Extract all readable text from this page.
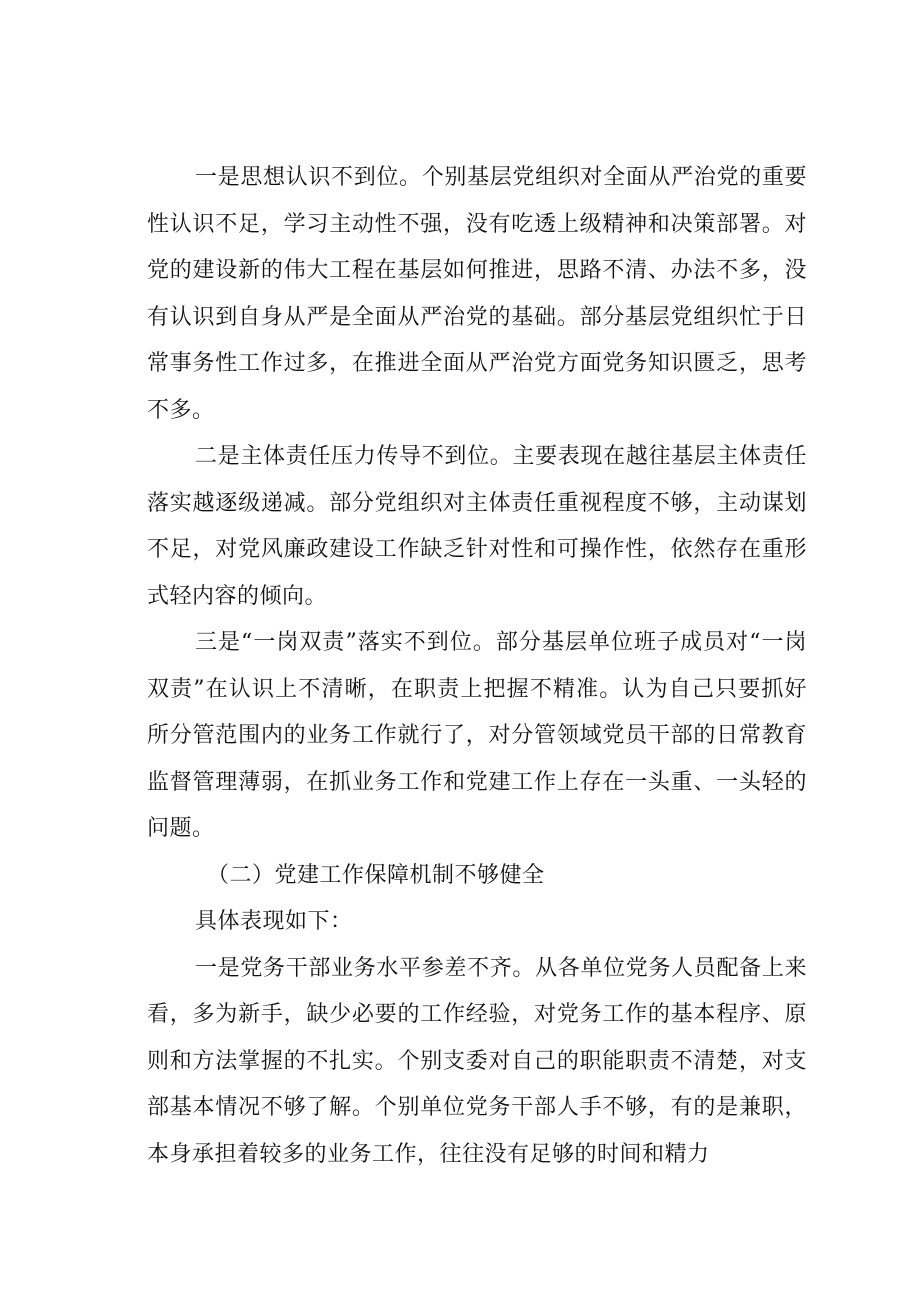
一是思想认识不到位。个别基层党组织对全面从严治党的重要性认识不足，学习主动性不强，没有吃透上级精神和决策部署。对党的建设新的伟大工程在基层如何推进，思路不清、办法不多，没有认识到自身从严是全面从严治党的基础。部分基层党组织忙于日常事务性工作过多，在推进全面从严治党方面党务知识匮乏，思考不多。

二是主体责任压力传导不到位。主要表现在越往基层主体责任落实越逐级递减。部分党组织对主体责任重视程度不够，主动谋划不足，对党风廉政建设工作缺乏针对性和可操作性，依然存在重形式轻内容的倾向。

三是“一岗双责”落实不到位。部分基层单位班子成员对“一岗双责”在认识上不清晰，在职责上把握不精准。认为自己只要抓好所分管范围内的业务工作就行了，对分管领域党员干部的日常教育监督管理薄弱，在抓业务工作和党建工作上存在一头重、一头轻的问题。

（二）党建工作保障机制不够健全

具体表现如下：

一是党务干部业务水平参差不齐。从各单位党务人员配备上来看，多为新手，缺少必要的工作经验，对党务工作的基本程序、原则和方法掌握的不扎实。个别支委对自己的职能职责不清楚，对支部基本情况不够了解。个别单位党务干部人手不够，有的是兼职，本身承担着较多的业务工作，往往没有足够的时间和精力
